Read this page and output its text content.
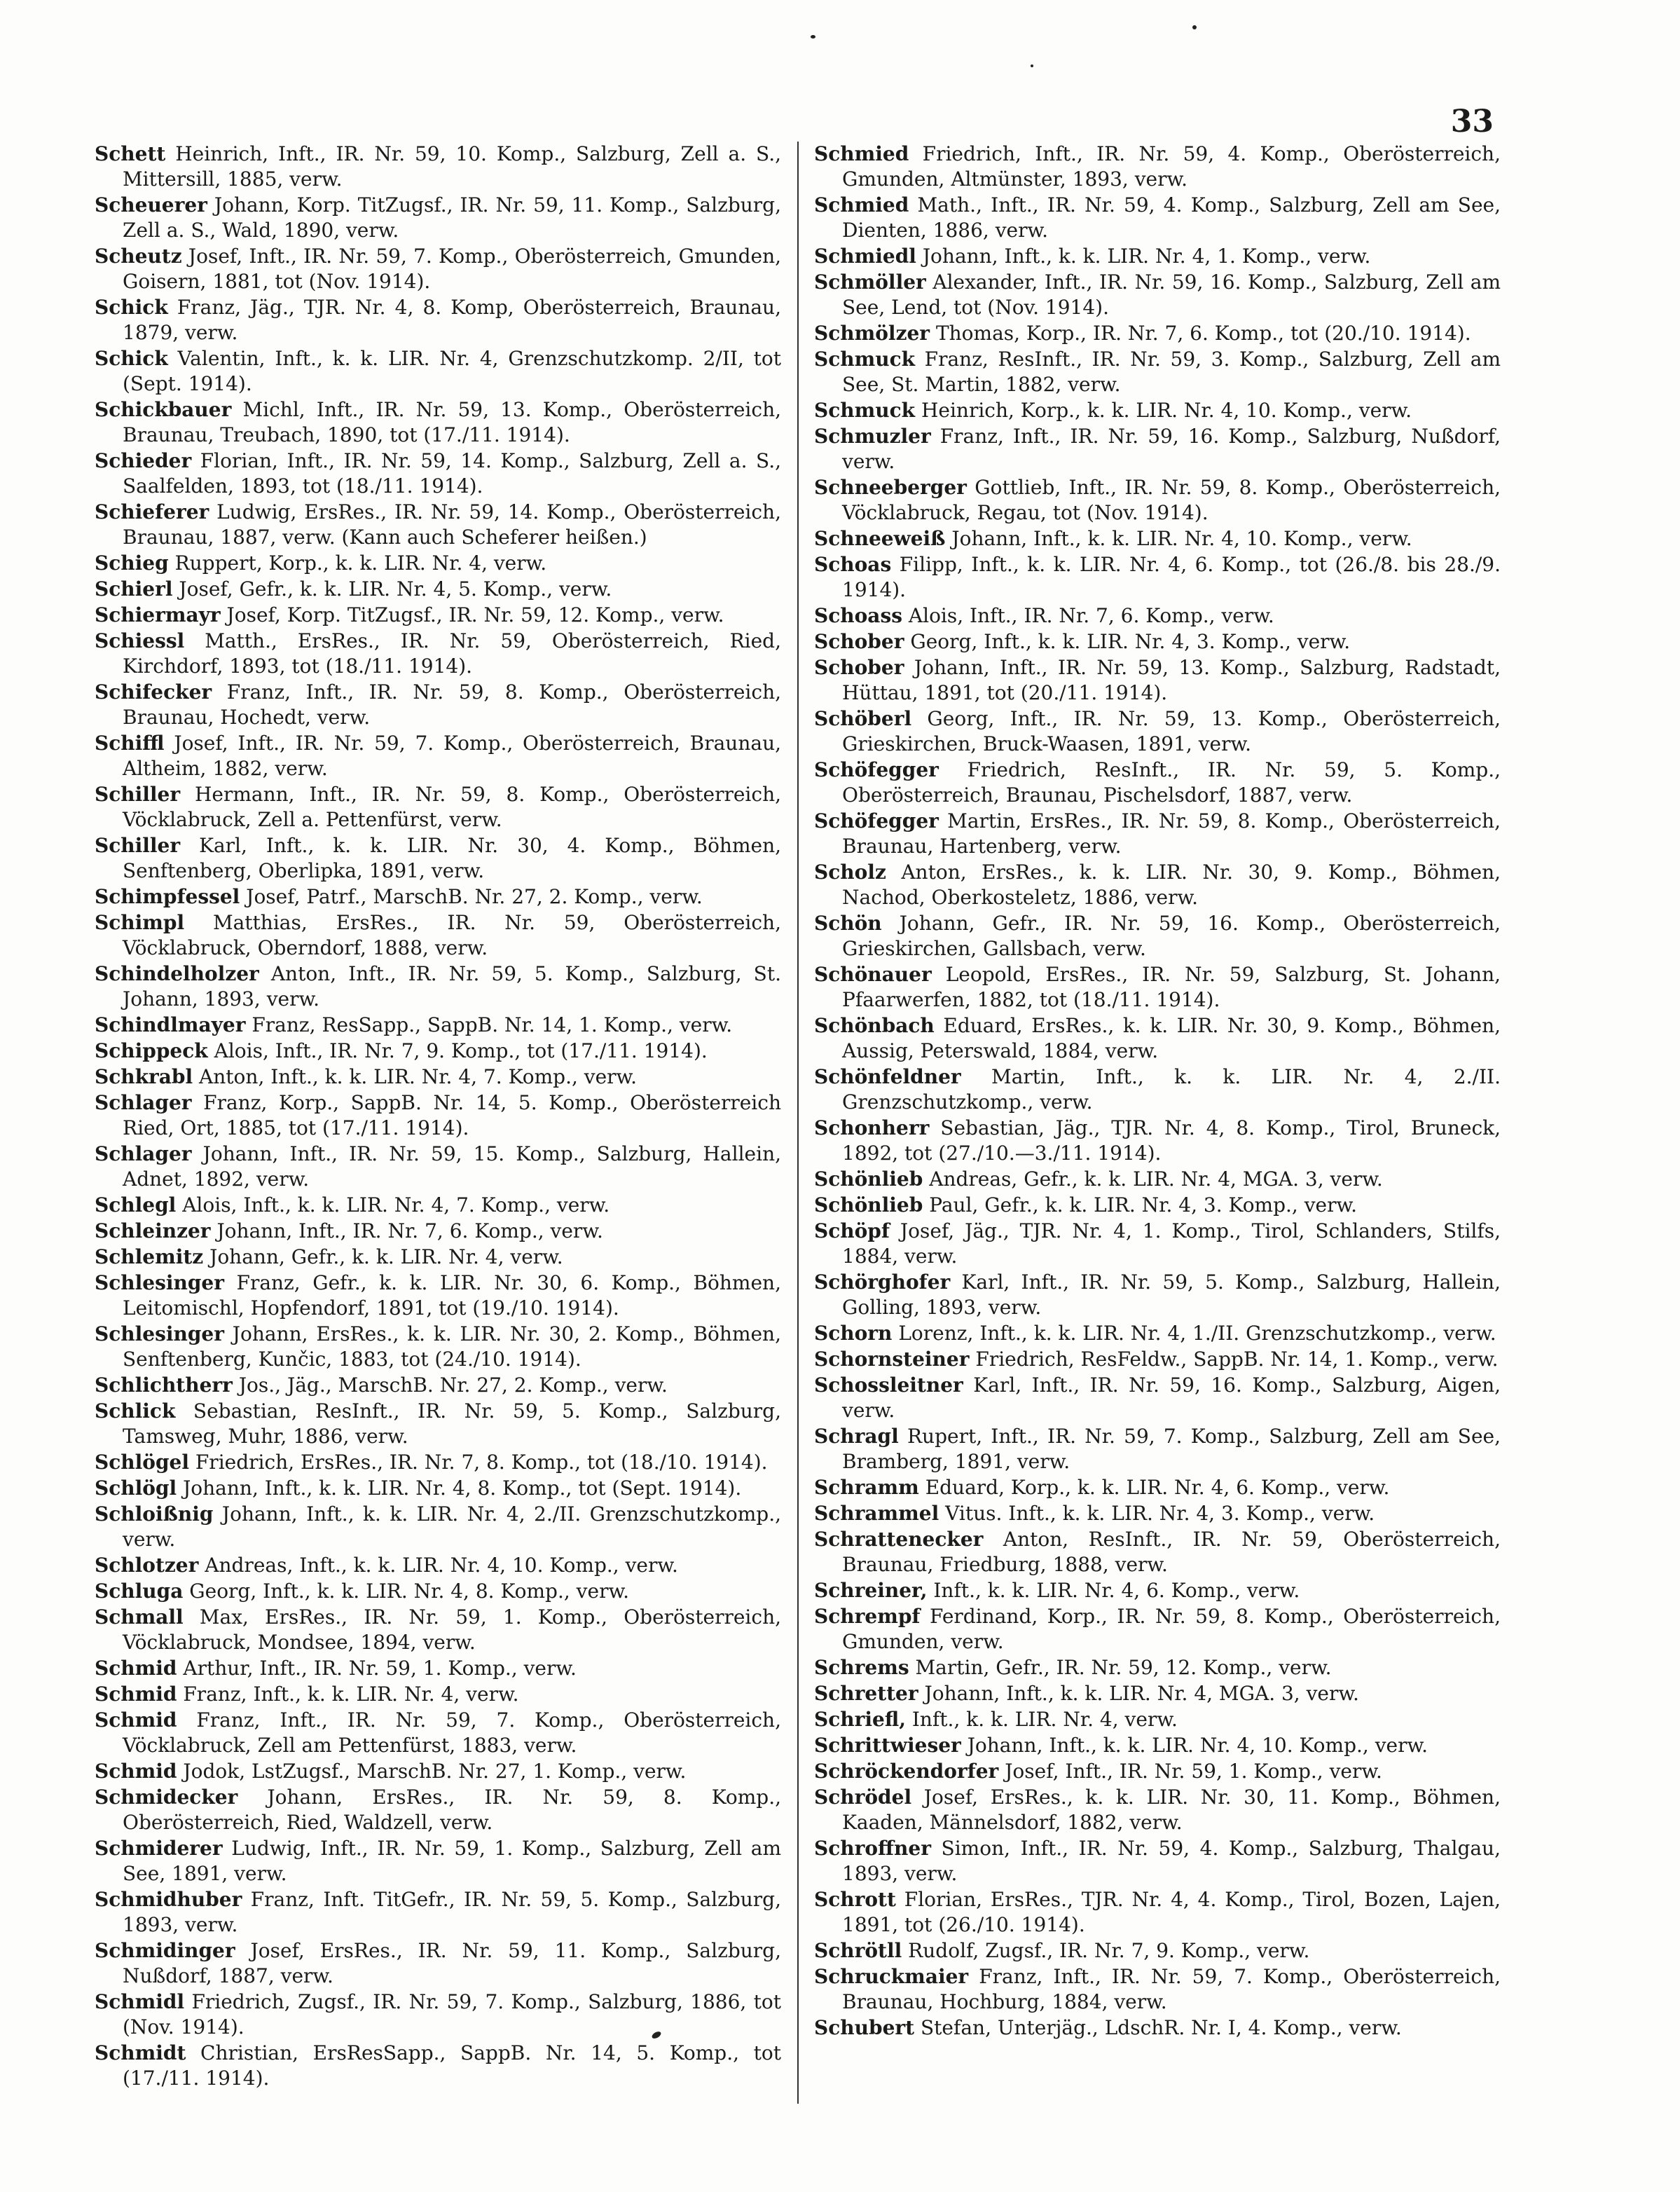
33

Schett Heinrich, Inft., IR. Nr. 59, 10. Komp., Salzburg, Zell a. S., Mittersill, 1885, verw.

Scheuerer Johann, Korp. TitZugsf., IR. Nr. 59, 11. Komp., Salzburg, Zell a. S., Wald, 1890, verw.

Scheutz Josef, Inft., IR. Nr. 59, 7. Komp., Oberösterreich, Gmunden, Goisern, 1881, tot (Nov. 1914).

Schick Franz, Jäg., TJR. Nr. 4, 8. Komp, Oberösterreich, Braunau, 1879, verw.

Schick Valentin, Inft., k. k. LIR. Nr. 4, Grenzschutzkomp. 2/II, tot (Sept. 1914).

Schickbauer Michl, Inft., IR. Nr. 59, 13. Komp., Oberösterreich, Braunau, Treubach, 1890, tot (17./11. 1914).

Schieder Florian, Inft., IR. Nr. 59, 14. Komp., Salzburg, Zell a. S., Saalfelden, 1893, tot (18./11. 1914).

Schieferer Ludwig, ErsRes., IR. Nr. 59, 14. Komp., Oberösterreich, Braunau, 1887, verw. (Kann auch Scheferer heißen.)

Schieg Ruppert, Korp., k. k. LIR. Nr. 4, verw.

Schierl Josef, Gefr., k. k. LIR. Nr. 4, 5. Komp., verw.

Schiermayr Josef, Korp. TitZugsf., IR. Nr. 59, 12. Komp., verw.

Schiessl Matth., ErsRes., IR. Nr. 59, Oberösterreich, Ried, Kirchdorf, 1893, tot (18./11. 1914).

Schifecker Franz, Inft., IR. Nr. 59, 8. Komp., Oberösterreich, Braunau, Hochedt, verw.

Schiffl Josef, Inft., IR. Nr. 59, 7. Komp., Oberösterreich, Braunau, Altheim, 1882, verw.

Schiller Hermann, Inft., IR. Nr. 59, 8. Komp., Oberösterreich, Vöcklabruck, Zell a. Pettenfürst, verw.

Schiller Karl, Inft., k. k. LIR. Nr. 30, 4. Komp., Böhmen, Senftenberg, Oberlipka, 1891, verw.

Schimpfessel Josef, Patrf., MarschB. Nr. 27, 2. Komp., verw.

Schimpl Matthias, ErsRes., IR. Nr. 59, Oberösterreich, Vöcklabruck, Oberndorf, 1888, verw.

Schindelholzer Anton, Inft., IR. Nr. 59, 5. Komp., Salzburg, St. Johann, 1893, verw.

Schindlmayer Franz, ResSapp., SappB. Nr. 14, 1. Komp., verw.

Schippeck Alois, Inft., IR. Nr. 7, 9. Komp., tot (17./11. 1914).

Schkrabl Anton, Inft., k. k. LIR. Nr. 4, 7. Komp., verw.

Schlager Franz, Korp., SappB. Nr. 14, 5. Komp., Oberösterreich Ried, Ort, 1885, tot (17./11. 1914).

Schlager Johann, Inft., IR. Nr. 59, 15. Komp., Salzburg, Hallein, Adnet, 1892, verw.

Schlegl Alois, Inft., k. k. LIR. Nr. 4, 7. Komp., verw.

Schleinzer Johann, Inft., IR. Nr. 7, 6. Komp., verw.

Schlemitz Johann, Gefr., k. k. LIR. Nr. 4, verw.

Schlesinger Franz, Gefr., k. k. LIR. Nr. 30, 6. Komp., Böhmen, Leitomischl, Hopfendorf, 1891, tot (19./10. 1914).

Schlesinger Johann, ErsRes., k. k. LIR. Nr. 30, 2. Komp., Böhmen, Senftenberg, Kunčic, 1883, tot (24./10. 1914).

Schlichtherr Jos., Jäg., MarschB. Nr. 27, 2. Komp., verw.

Schlick Sebastian, ResInft., IR. Nr. 59, 5. Komp., Salzburg, Tamsweg, Muhr, 1886, verw.

Schlögel Friedrich, ErsRes., IR. Nr. 7, 8. Komp., tot (18./10. 1914).

Schlögl Johann, Inft., k. k. LIR. Nr. 4, 8. Komp., tot (Sept. 1914).

Schloißnig Johann, Inft., k. k. LIR. Nr. 4, 2./II. Grenzschutzkomp., verw.

Schlotzer Andreas, Inft., k. k. LIR. Nr. 4, 10. Komp., verw.

Schluga Georg, Inft., k. k. LIR. Nr. 4, 8. Komp., verw.

Schmall Max, ErsRes., IR. Nr. 59, 1. Komp., Oberösterreich, Vöcklabruck, Mondsee, 1894, verw.

Schmid Arthur, Inft., IR. Nr. 59, 1. Komp., verw.

Schmid Franz, Inft., k. k. LIR. Nr. 4, verw.

Schmid Franz, Inft., IR. Nr. 59, 7. Komp., Oberösterreich, Vöcklabruck, Zell am Pettenfürst, 1883, verw.

Schmid Jodok, LstZugsf., MarschB. Nr. 27, 1. Komp., verw.

Schmidecker Johann, ErsRes., IR. Nr. 59, 8. Komp., Oberösterreich, Ried, Waldzell, verw.

Schmiderer Ludwig, Inft., IR. Nr. 59, 1. Komp., Salzburg, Zell am See, 1891, verw.

Schmidhuber Franz, Inft. TitGefr., IR. Nr. 59, 5. Komp., Salzburg, 1893, verw.

Schmidinger Josef, ErsRes., IR. Nr. 59, 11. Komp., Salzburg, Nußdorf, 1887, verw.

Schmidl Friedrich, Zugsf., IR. Nr. 59, 7. Komp., Salzburg, 1886, tot (Nov. 1914).

Schmidt Christian, ErsResSapp., SappB. Nr. 14, 5. Komp., tot (17./11. 1914).

Schmied Friedrich, Inft., IR. Nr. 59, 4. Komp., Oberösterreich, Gmunden, Altmünster, 1893, verw.

Schmied Math., Inft., IR. Nr. 59, 4. Komp., Salzburg, Zell am See, Dienten, 1886, verw.

Schmiedl Johann, Inft., k. k. LIR. Nr. 4, 1. Komp., verw.

Schmöller Alexander, Inft., IR. Nr. 59, 16. Komp., Salzburg, Zell am See, Lend, tot (Nov. 1914).

Schmölzer Thomas, Korp., IR. Nr. 7, 6. Komp., tot (20./10. 1914).

Schmuck Franz, ResInft., IR. Nr. 59, 3. Komp., Salzburg, Zell am See, St. Martin, 1882, verw.

Schmuck Heinrich, Korp., k. k. LIR. Nr. 4, 10. Komp., verw.

Schmuzler Franz, Inft., IR. Nr. 59, 16. Komp., Salzburg, Nußdorf, verw.

Schneeberger Gottlieb, Inft., IR. Nr. 59, 8. Komp., Oberösterreich, Vöcklabruck, Regau, tot (Nov. 1914).

Schneeweiß Johann, Inft., k. k. LIR. Nr. 4, 10. Komp., verw.

Schoas Filipp, Inft., k. k. LIR. Nr. 4, 6. Komp., tot (26./8. bis 28./9. 1914).

Schoass Alois, Inft., IR. Nr. 7, 6. Komp., verw.

Schober Georg, Inft., k. k. LIR. Nr. 4, 3. Komp., verw.

Schober Johann, Inft., IR. Nr. 59, 13. Komp., Salzburg, Radstadt, Hüttau, 1891, tot (20./11. 1914).

Schöberl Georg, Inft., IR. Nr. 59, 13. Komp., Oberösterreich, Grieskirchen, Bruck-Waasen, 1891, verw.

Schöfegger Friedrich, ResInft., IR. Nr. 59, 5. Komp., Oberösterreich, Braunau, Pischelsdorf, 1887, verw.

Schöfegger Martin, ErsRes., IR. Nr. 59, 8. Komp., Oberösterreich, Braunau, Hartenberg, verw.

Scholz Anton, ErsRes., k. k. LIR. Nr. 30, 9. Komp., Böhmen, Nachod, Oberkosteletz, 1886, verw.

Schön Johann, Gefr., IR. Nr. 59, 16. Komp., Oberösterreich, Grieskirchen, Gallsbach, verw.

Schönauer Leopold, ErsRes., IR. Nr. 59, Salzburg, St. Johann, Pfaarwerfen, 1882, tot (18./11. 1914).

Schönbach Eduard, ErsRes., k. k. LIR. Nr. 30, 9. Komp., Böhmen, Aussig, Peterswald, 1884, verw.

Schönfeldner Martin, Inft., k. k. LIR. Nr. 4, 2./II. Grenzschutzkomp., verw.

Schonherr Sebastian, Jäg., TJR. Nr. 4, 8. Komp., Tirol, Bruneck, 1892, tot (27./10.—3./11. 1914).

Schönlieb Andreas, Gefr., k. k. LIR. Nr. 4, MGA. 3, verw.

Schönlieb Paul, Gefr., k. k. LIR. Nr. 4, 3. Komp., verw.

Schöpf Josef, Jäg., TJR. Nr. 4, 1. Komp., Tirol, Schlanders, Stilfs, 1884, verw.

Schörghofer Karl, Inft., IR. Nr. 59, 5. Komp., Salzburg, Hallein, Golling, 1893, verw.

Schorn Lorenz, Inft., k. k. LIR. Nr. 4, 1./II. Grenzschutzkomp., verw.

Schornsteiner Friedrich, ResFeldw., SappB. Nr. 14, 1. Komp., verw.

Schossleitner Karl, Inft., IR. Nr. 59, 16. Komp., Salzburg, Aigen, verw.

Schragl Rupert, Inft., IR. Nr. 59, 7. Komp., Salzburg, Zell am See, Bramberg, 1891, verw.

Schramm Eduard, Korp., k. k. LIR. Nr. 4, 6. Komp., verw.

Schrammel Vitus. Inft., k. k. LIR. Nr. 4, 3. Komp., verw.

Schrattenecker Anton, ResInft., IR. Nr. 59, Oberösterreich, Braunau, Friedburg, 1888, verw.

Schreiner, Inft., k. k. LIR. Nr. 4, 6. Komp., verw.

Schrempf Ferdinand, Korp., IR. Nr. 59, 8. Komp., Oberösterreich, Gmunden, verw.

Schrems Martin, Gefr., IR. Nr. 59, 12. Komp., verw.

Schretter Johann, Inft., k. k. LIR. Nr. 4, MGA. 3, verw.

Schriefl, Inft., k. k. LIR. Nr. 4, verw.

Schrittwieser Johann, Inft., k. k. LIR. Nr. 4, 10. Komp., verw.

Schröckendorfer Josef, Inft., IR. Nr. 59, 1. Komp., verw.

Schrödel Josef, ErsRes., k. k. LIR. Nr. 30, 11. Komp., Böhmen, Kaaden, Männelsdorf, 1882, verw.

Schroffner Simon, Inft., IR. Nr. 59, 4. Komp., Salzburg, Thalgau, 1893, verw.

Schrott Florian, ErsRes., TJR. Nr. 4, 4. Komp., Tirol, Bozen, Lajen, 1891, tot (26./10. 1914).

Schrötll Rudolf, Zugsf., IR. Nr. 7, 9. Komp., verw.

Schruckmaier Franz, Inft., IR. Nr. 59, 7. Komp., Oberösterreich, Braunau, Hochburg, 1884, verw.

Schubert Stefan, Unterjäg., LdschR. Nr. I, 4. Komp., verw.
